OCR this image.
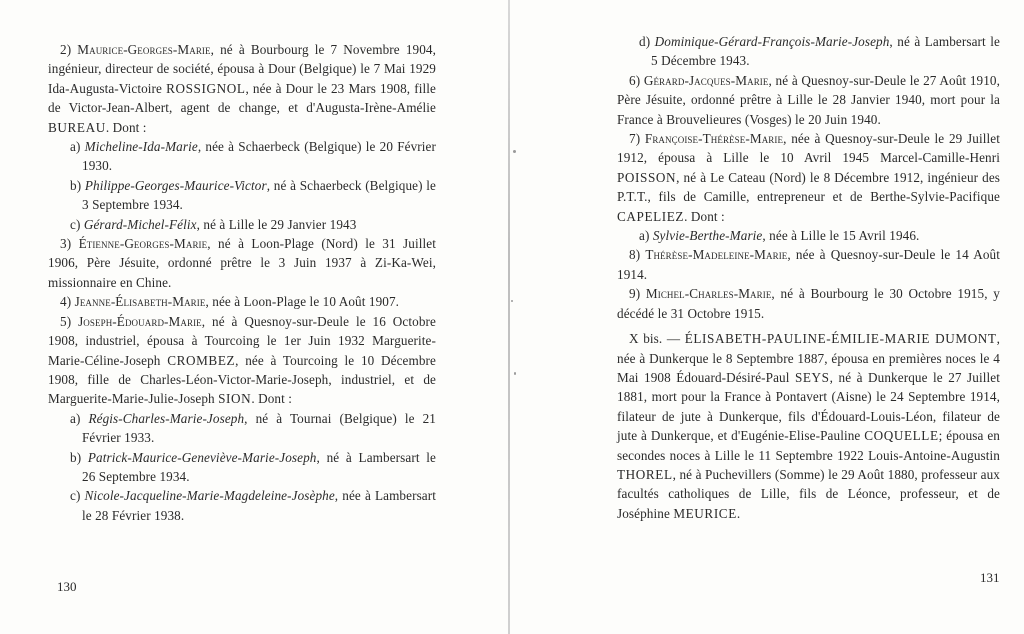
2) Maurice-Georges-Marie, né à Bourbourg le 7 Novembre 1904, ingénieur, directeur de société, épousa à Dour (Belgique) le 7 Mai 1929 Ida-Augusta-Victoire ROSSIGNOL, née à Dour le 23 Mars 1908, fille de Victor-Jean-Albert, agent de change, et d'Augusta-Irène-Amélie BUREAU. Dont :

a) Micheline-Ida-Marie, née à Schaerbeck (Belgique) le 20 Février 1930.

b) Philippe-Georges-Maurice-Victor, né à Schaerbeck (Belgique) le 3 Septembre 1934.

c) Gérard-Michel-Félix, né à Lille le 29 Janvier 1943

3) Étienne-Georges-Marie, né à Loon-Plage (Nord) le 31 Juillet 1906, Père Jésuite, ordonné prêtre le 3 Juin 1937 à Zi-Ka-Wei, missionnaire en Chine.

4) Jeanne-Élisabeth-Marie, née à Loon-Plage le 10 Août 1907.

5) Joseph-Édouard-Marie, né à Quesnoy-sur-Deule le 16 Octobre 1908, industriel, épousa à Tourcoing le 1er Juin 1932 Marguerite-Marie-Céline-Joseph CROMBEZ, née à Tourcoing le 10 Décembre 1908, fille de Charles-Léon-Victor-Marie-Joseph, industriel, et de Marguerite-Marie-Julie-Joseph SION. Dont :

a) Régis-Charles-Marie-Joseph, né à Tournai (Belgique) le 21 Février 1933.

b) Patrick-Maurice-Geneviève-Marie-Joseph, né à Lambersart le 26 Septembre 1934.

c) Nicole-Jacqueline-Marie-Magdeleine-Josèphe, née à Lambersart le 28 Février 1938.

130

d) Dominique-Gérard-François-Marie-Joseph, né à Lambersart le 5 Décembre 1943.

6) Gérard-Jacques-Marie, né à Quesnoy-sur-Deule le 27 Août 1910, Père Jésuite, ordonné prêtre à Lille le 28 Janvier 1940, mort pour la France à Brouvelieures (Vosges) le 20 Juin 1940.

7) Françoise-Thérèse-Marie, née à Quesnoy-sur-Deule le 29 Juillet 1912, épousa à Lille le 10 Avril 1945 Marcel-Camille-Henri POISSON, né à Le Cateau (Nord) le 8 Décembre 1912, ingénieur des P.T.T., fils de Camille, entrepreneur et de Berthe-Sylvie-Pacifique CAPELIEZ. Dont :

a) Sylvie-Berthe-Marie, née à Lille le 15 Avril 1946.

8) Thérèse-Madeleine-Marie, née à Quesnoy-sur-Deule le 14 Août 1914.

9) Michel-Charles-Marie, né à Bourbourg le 30 Octobre 1915, y décédé le 31 Octobre 1915.

X bis. — ÉLISABETH-PAULINE-ÉMILIE-MARIE DUMONT, née à Dunkerque le 8 Septembre 1887, épousa en premières noces le 4 Mai 1908 Édouard-Désiré-Paul SEYS, né à Dunkerque le 27 Juillet 1881, mort pour la France à Pontavert (Aisne) le 24 Septembre 1914, filateur de jute à Dunkerque, fils d'Édouard-Louis-Léon, filateur de jute à Dunkerque, et d'Eugénie-Elise-Pauline COQUELLE; épousa en secondes noces à Lille le 11 Septembre 1922 Louis-Antoine-Augustin THOREL, né à Puchevillers (Somme) le 29 Août 1880, professeur aux facultés catholiques de Lille, fils de Léonce, professeur, et de Joséphine MEURICE.

131
